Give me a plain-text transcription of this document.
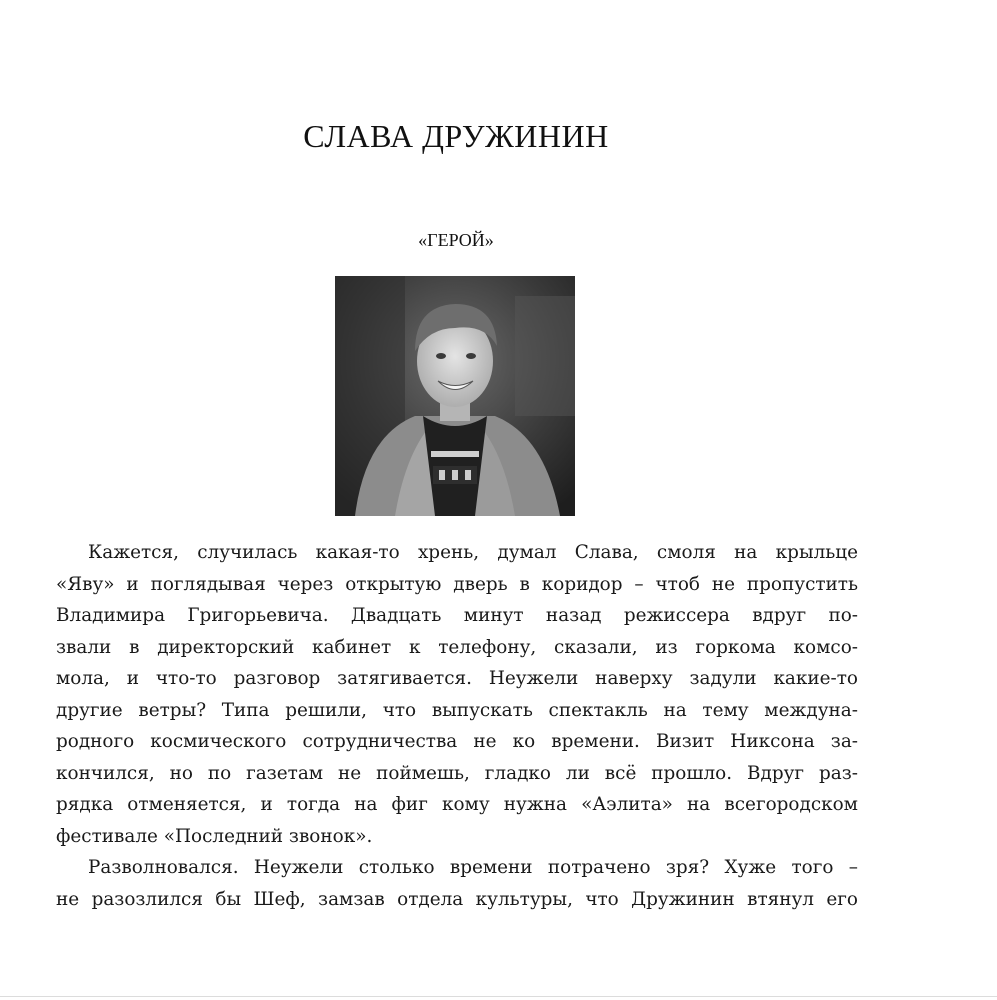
СЛАВА ДРУЖИНИН
«ГЕРОЙ»
Кажется, случилась какая-то хрень, думал Слава, смоля на крыльце
«Яву» и поглядывая через открытую дверь в коридор – чтоб не пропустить
Владимира Григорьевича. Двадцать минут назад режиссера вдруг по-
звали в директорский кабинет к телефону, сказали, из горкома комсо-
мола, и что-то разговор затягивается. Неужели наверху задули какие-то
другие ветры? Типа решили, что выпускать спектакль на тему междуна-
родного космического сотрудничества не ко времени. Визит Никсона за-
кончился, но по газетам не поймешь, гладко ли всё прошло. Вдруг раз-
рядка отменяется, и тогда на фиг кому нужна «Аэлита» на всегородском
фестивале «Последний звонок».
Разволновался. Неужели столько времени потрачено зря? Хуже того –
не разозлился бы Шеф, замзав отдела культуры, что Дружинин втянул его
